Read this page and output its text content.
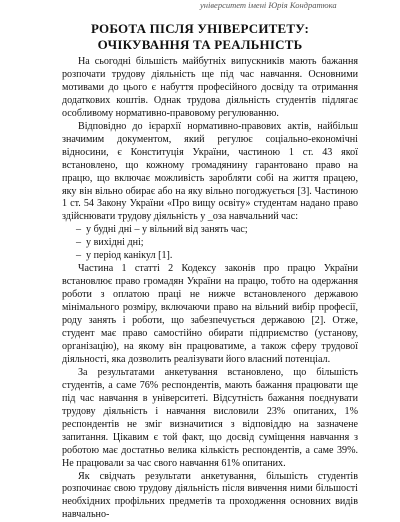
університет імені Юрія Кондратюка
РОБОТА ПІСЛЯ УНІВЕРСИТЕТУ:
ОЧІКУВАННЯ ТА РЕАЛЬНІСТЬ

На сьогодні більшість майбутніх випускників мають бажання розпочати трудову діяльність ще під час навчання. Основними мотивами до цього є набуття професійного досвіду та отримання додаткових коштів. Однак трудова діяльність студентів підлягає особливому нормативно-правовому регулюванню.

Відповідно до ієрархії нормативно-правових актів, найбільш значимим документом, який регулює соціально-економічні відносини, є Конституція України, частиною 1 ст. 43 якої встановлено, що кожному громадянину гарантовано право на працю, що включає можливість заробляти собі на життя працею, яку він вільно обирає або на яку вільно погоджується [3]. Частиною 1 ст. 54 Закону України «Про вищу освіту» студентам надано право здійснювати трудову діяльність у _оза навчальний час:

– у будні дні – у вільний від занять час;
– у вихідні дні;
– у період канікул [1].

Частина 1 статті 2 Кодексу законів про працю України встановлює право громадян України на працю, тобто на одержання роботи з оплатою праці не нижче встановленого державою мінімального розміру, включаючи право на вільний вибір професії, роду занять і роботи, що забезпечується державою [2]. Отже, студент має право самостійно обирати підприємство (установу, організацію), на якому він працюватиме, а також сферу трудової діяльності, яка дозволить реалізувати його власний потенціал.

За результатами анкетування встановлено, що більшість студентів, а саме 76% респондентів, мають бажання працювати ще під час навчання в університеті. Відсутність бажання поєднувати трудову діяльність і навчання висловили 23% опитаних, 1% респондентів не зміг визначитися з відповіддю на зазначене запитання. Цікавим є той факт, що досвід суміщення навчання з роботою має достатньо велика кількість респондентів, а саме 39%. Не працювали за час свого навчання 61% опитаних.

Як свідчать результати анкетування, більшість студентів розпочинає свою трудову діяльність після вивчення ними більшості необхідних профільних предметів та проходження основних видів навчально-
